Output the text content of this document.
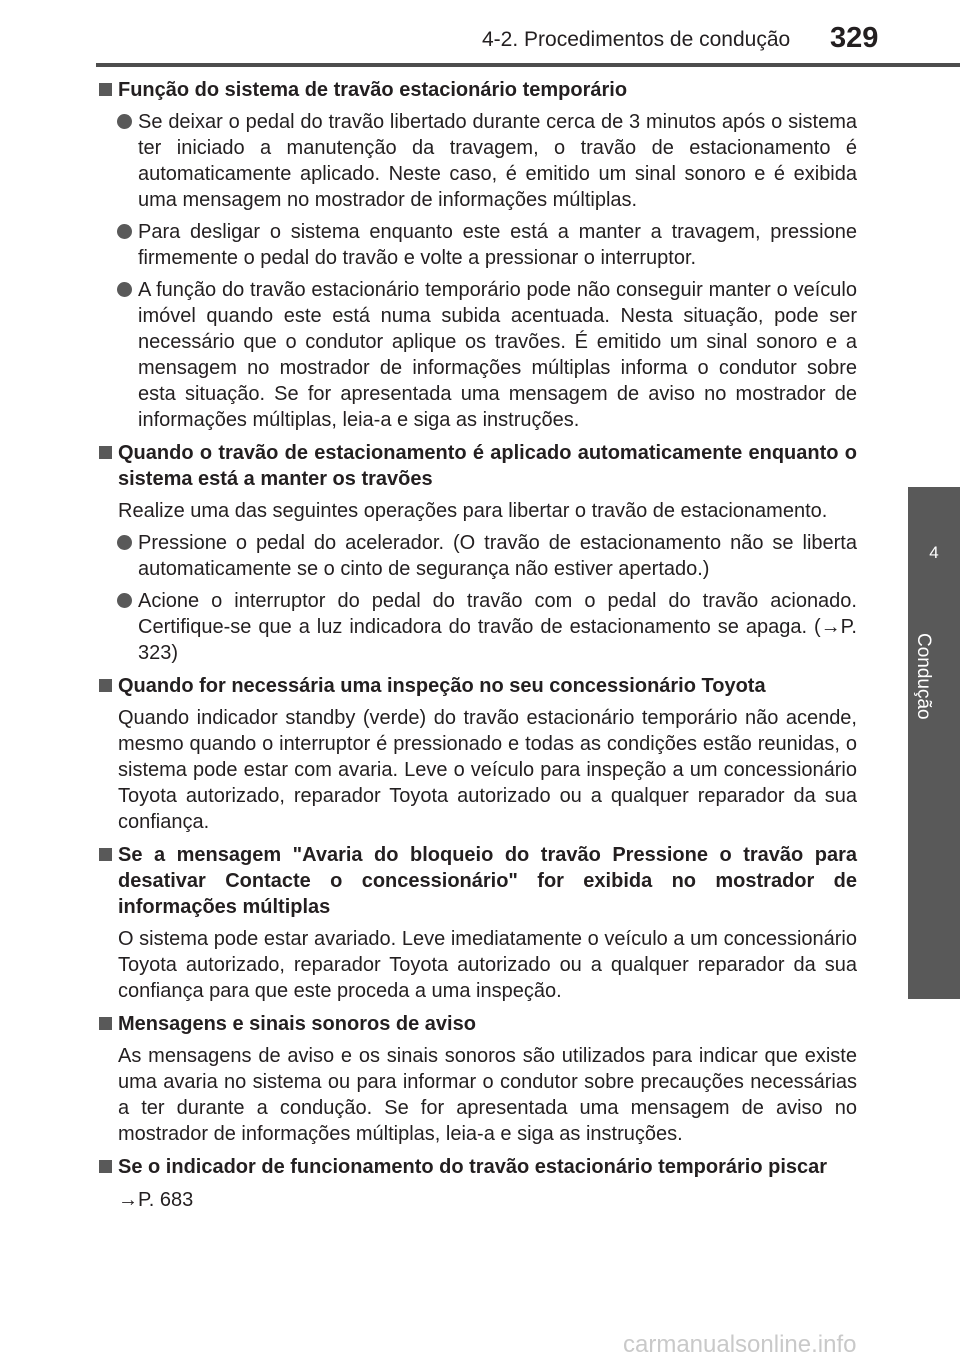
4-2. Procedimentos de condução 329
4
Condução
Função do sistema de travão estacionário temporário
Se deixar o pedal do travão libertado durante cerca de 3 minutos após o sistema ter iniciado a manutenção da travagem, o travão de estacionamento é automaticamente aplicado. Neste caso, é emitido um sinal sonoro e é exibida uma mensagem no mostrador de informações múltiplas.
Para desligar o sistema enquanto este está a manter a travagem, pressione firmemente o pedal do travão e volte a pressionar o interruptor.
A função do travão estacionário temporário pode não conseguir manter o veículo imóvel quando este está numa subida acentuada. Nesta situação, pode ser necessário que o condutor aplique os travões. É emitido um sinal sonoro e a mensagem no mostrador de informações múltiplas informa o condutor sobre esta situação. Se for apresentada uma mensagem de aviso no mostrador de informações múltiplas, leia-a e siga as instruções.
Quando o travão de estacionamento é aplicado automaticamente enquanto o sistema está a manter os travões
Realize uma das seguintes operações para libertar o travão de estacionamento.
Pressione o pedal do acelerador. (O travão de estacionamento não se liberta automaticamente se o cinto de segurança não estiver apertado.)
Acione o interruptor do pedal do travão com o pedal do travão acionado. Certifique-se que a luz indicadora do travão de estacionamento se apaga. (→P. 323)
Quando for necessária uma inspeção no seu concessionário Toyota
Quando indicador standby (verde) do travão estacionário temporário não acende, mesmo quando o interruptor é pressionado e todas as condições estão reunidas, o sistema pode estar com avaria. Leve o veículo para inspeção a um concessionário Toyota autorizado, reparador Toyota autorizado ou a qualquer reparador da sua confiança.
Se a mensagem "Avaria do bloqueio do travão Pressione o travão para desativar Contacte o concessionário" for exibida no mostrador de informações múltiplas
O sistema pode estar avariado. Leve imediatamente o veículo a um concessionário Toyota autorizado, reparador Toyota autorizado ou a qualquer reparador da sua confiança para que este proceda a uma inspeção.
Mensagens e sinais sonoros de aviso
As mensagens de aviso e os sinais sonoros são utilizados para indicar que existe uma avaria no sistema ou para informar o condutor sobre precauções necessárias a ter durante a condução. Se for apresentada uma mensagem de aviso no mostrador de informações múltiplas, leia-a e siga as instruções.
Se o indicador de funcionamento do travão estacionário temporário piscar
→P. 683
carmanualsonline.info
